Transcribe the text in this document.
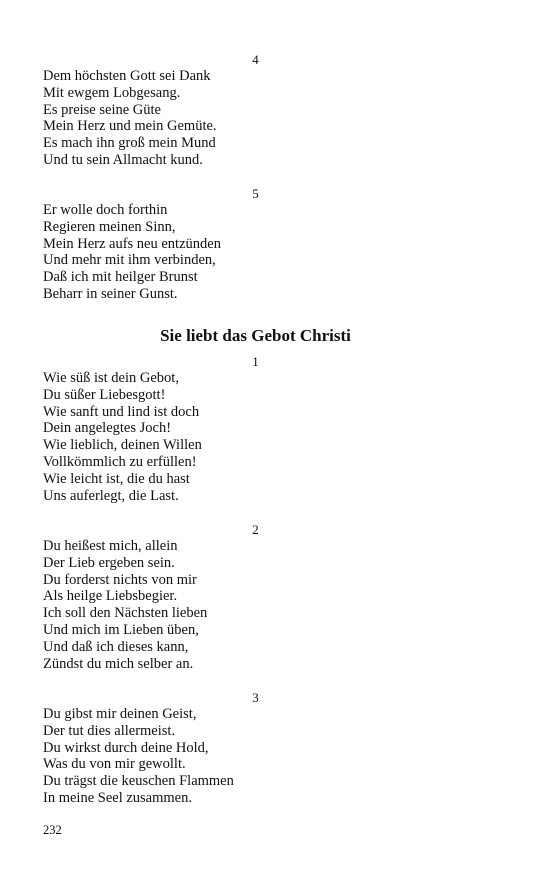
4
Dem höchsten Gott sei Dank
Mit ewgem Lobgesang.
Es preise seine Güte
Mein Herz und mein Gemüte.
Es mach ihn groß mein Mund
Und tu sein Allmacht kund.
5
Er wolle doch forthin
Regieren meinen Sinn,
Mein Herz aufs neu entzünden
Und mehr mit ihm verbinden,
Daß ich mit heilger Brunst
Beharr in seiner Gunst.
Sie liebt das Gebot Christi
1
Wie süß ist dein Gebot,
Du süßer Liebesgott!
Wie sanft und lind ist doch
Dein angelegtes Joch!
Wie lieblich, deinen Willen
Vollkömmlich zu erfüllen!
Wie leicht ist, die du hast
Uns auferlegt, die Last.
2
Du heißest mich, allein
Der Lieb ergeben sein.
Du forderst nichts von mir
Als heilge Liebsbegier.
Ich soll den Nächsten lieben
Und mich im Lieben üben,
Und daß ich dieses kann,
Zündst du mich selber an.
3
Du gibst mir deinen Geist,
Der tut dies allermeist.
Du wirkst durch deine Hold,
Was du von mir gewollt.
Du trägst die keuschen Flammen
In meine Seel zusammen.
232
